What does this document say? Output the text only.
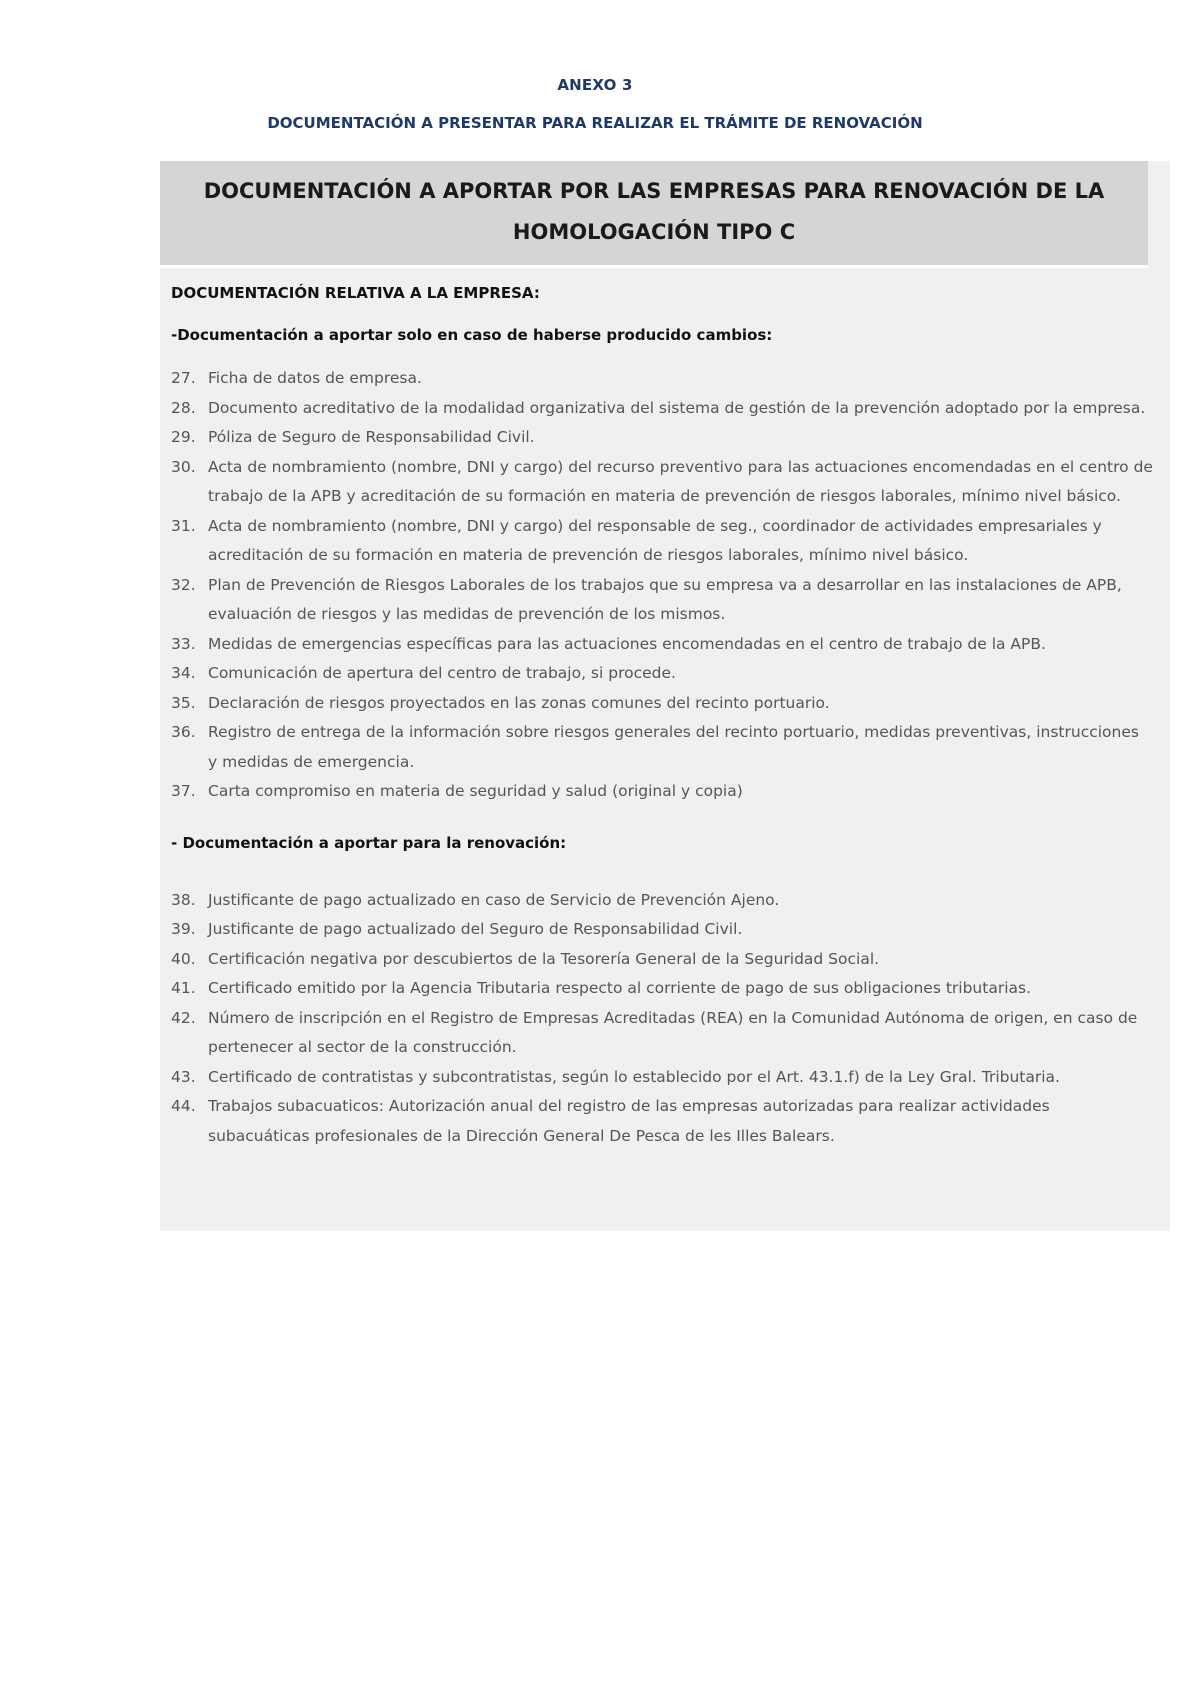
ANEXO 3
DOCUMENTACIÓN A PRESENTAR PARA REALIZAR EL TRÁMITE DE RENOVACIÓN
DOCUMENTACIÓN A APORTAR POR LAS EMPRESAS PARA RENOVACIÓN DE LA
HOMOLOGACIÓN TIPO C
DOCUMENTACIÓN RELATIVA A LA EMPRESA:
-Documentación a aportar solo en caso de haberse producido cambios:
27. Ficha de datos de empresa.
28. Documento acreditativo de la modalidad organizativa del sistema de gestión de la prevención adoptado por la empresa.
29. Póliza de Seguro de Responsabilidad Civil.
30. Acta de nombramiento (nombre, DNI y cargo) del recurso preventivo para las actuaciones encomendadas en el centro de trabajo de la APB y acreditación de su formación en materia de prevención de riesgos laborales, mínimo nivel básico.
31. Acta de nombramiento (nombre, DNI y cargo) del responsable de seg., coordinador de actividades empresariales y acreditación de su formación en materia de prevención de riesgos laborales, mínimo nivel básico.
32. Plan de Prevención de Riesgos Laborales de los trabajos que su empresa va a desarrollar en las instalaciones de APB, evaluación de riesgos y las medidas de prevención de los mismos.
33. Medidas de emergencias específicas para las actuaciones encomendadas en el centro de trabajo de la APB.
34. Comunicación de apertura del centro de trabajo, si procede.
35. Declaración de riesgos proyectados en las zonas comunes del recinto portuario.
36. Registro de entrega de la información sobre riesgos generales del recinto portuario, medidas preventivas, instrucciones y medidas de emergencia.
37. Carta compromiso en materia de seguridad y salud (original y copia)
- Documentación a aportar para la renovación:
38. Justificante de pago actualizado en caso de Servicio de Prevención Ajeno.
39. Justificante de pago actualizado del Seguro de Responsabilidad Civil.
40. Certificación negativa por descubiertos de la Tesorería General de la Seguridad Social.
41. Certificado emitido por la Agencia Tributaria respecto al corriente de pago de sus obligaciones tributarias.
42. Número de inscripción en el Registro de Empresas Acreditadas (REA) en la Comunidad Autónoma de origen, en caso de pertenecer al sector de la construcción.
43. Certificado de contratistas y subcontratistas, según lo establecido por el Art. 43.1.f) de la Ley Gral. Tributaria.
44. Trabajos subacuaticos: Autorización anual del registro de las empresas autorizadas para realizar actividades subacuáticas profesionales de la Dirección General De Pesca de les Illes Balears.
